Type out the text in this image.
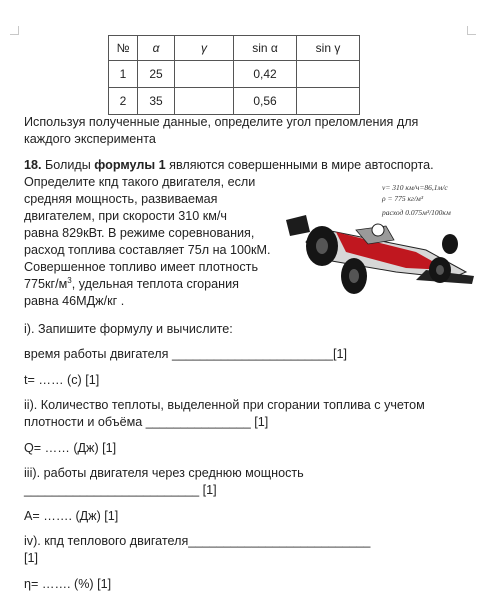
№	α	γ	sin α	sin γ
1	25		0,42	
2	35		0,56	
Используя полученные данные, определите угол преломления для
каждого эксперимента
18. Болиды формулы 1 являются совершенными в мире автоспорта.
Определите кпд такого двигателя, если
средняя мощность, развиваемая
двигателем, при скорости 310 км/ч
равна 829кВт. В режиме соревнования,
расход топлива составляет 75л на 100кМ.
Совершенное топливо имеет плотность
$775кг/м^3$, удельная теплота сгорания
равна 46МДж/кг .
v= 310 км/ч=86,1м/с
ρ = 775 кг/м³
расход 0.075м³/100км
i). Запишите формулу и вычислите:
время работы двигателя _______________________[1]
t= …… (с) [1]
ii). Количество теплоты, выделенной при сгорании топлива с учетом
плотности и объёма _______________ [1]
Q= …… (Дж) [1]
iii). работы двигателя через среднюю мощность
_________________________ [1]
A= ……. (Дж) [1]
iv). кпд теплового двигателя__________________________
[1]
η= ……. (%) [1]
